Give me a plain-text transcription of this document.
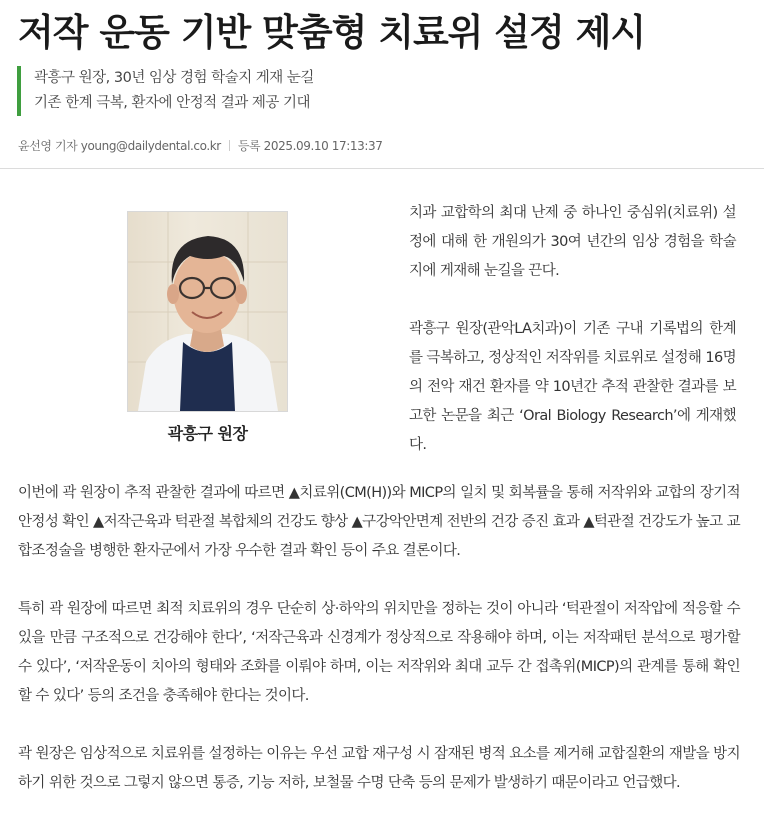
저작 운동 기반 맞춤형 치료위 설정 제시
곽흥구 원장, 30년 임상 경험 학술지 게재 눈길
기존 한계 극복, 환자에 안정적 결과 제공 기대
윤선영 기자 young@dailydental.co.kr 등록 2025.09.10 17:13:37
곽흥구 원장

치과 교합학의 최대 난제 중 하나인 중심위(치료위) 설정에 대해 한 개원의가 30여 년간의 임상 경험을 학술지에 게재해 눈길을 끈다.

곽흥구 원장(관악LA치과)이 기존 구내 기록법의 한계를 극복하고, 정상적인 저작위를 치료위로 설정해 16명의 전악 재건 환자를 약 10년간 추적 관찰한 결과를 보고한 논문을 최근 ‘Oral Biology Research’에 게재했다.

이번에 곽 원장이 추적 관찰한 결과에 따르면 ▲치료위(CM(H))와 MICP의 일치 및 회복률을 통해 저작위와 교합의 장기적 안정성 확인 ▲저작근육과 턱관절 복합체의 건강도 향상 ▲구강악안면계 전반의 건강 증진 효과 ▲턱관절 건강도가 높고 교합조정술을 병행한 환자군에서 가장 우수한 결과 확인 등이 주요 결론이다.

특히 곽 원장에 따르면 최적 치료위의 경우 단순히 상·하악의 위치만을 정하는 것이 아니라 ‘턱관절이 저작압에 적응할 수 있을 만큼 구조적으로 건강해야 한다’, ‘저작근육과 신경계가 정상적으로 작용해야 하며, 이는 저작패턴 분석으로 평가할 수 있다’, ‘저작운동이 치아의 형태와 조화를 이뤄야 하며, 이는 저작위와 최대 교두 간 접촉위(MICP)의 관계를 통해 확인할 수 있다’ 등의 조건을 충족해야 한다는 것이다.

곽 원장은 임상적으로 치료위를 설정하는 이유는 우선 교합 재구성 시 잠재된 병적 요소를 제거해 교합질환의 재발을 방지하기 위한 것으로 그렇지 않으면 통증, 기능 저하, 보철물 수명 단축 등의 문제가 발생하기 때문이라고 언급했다.
